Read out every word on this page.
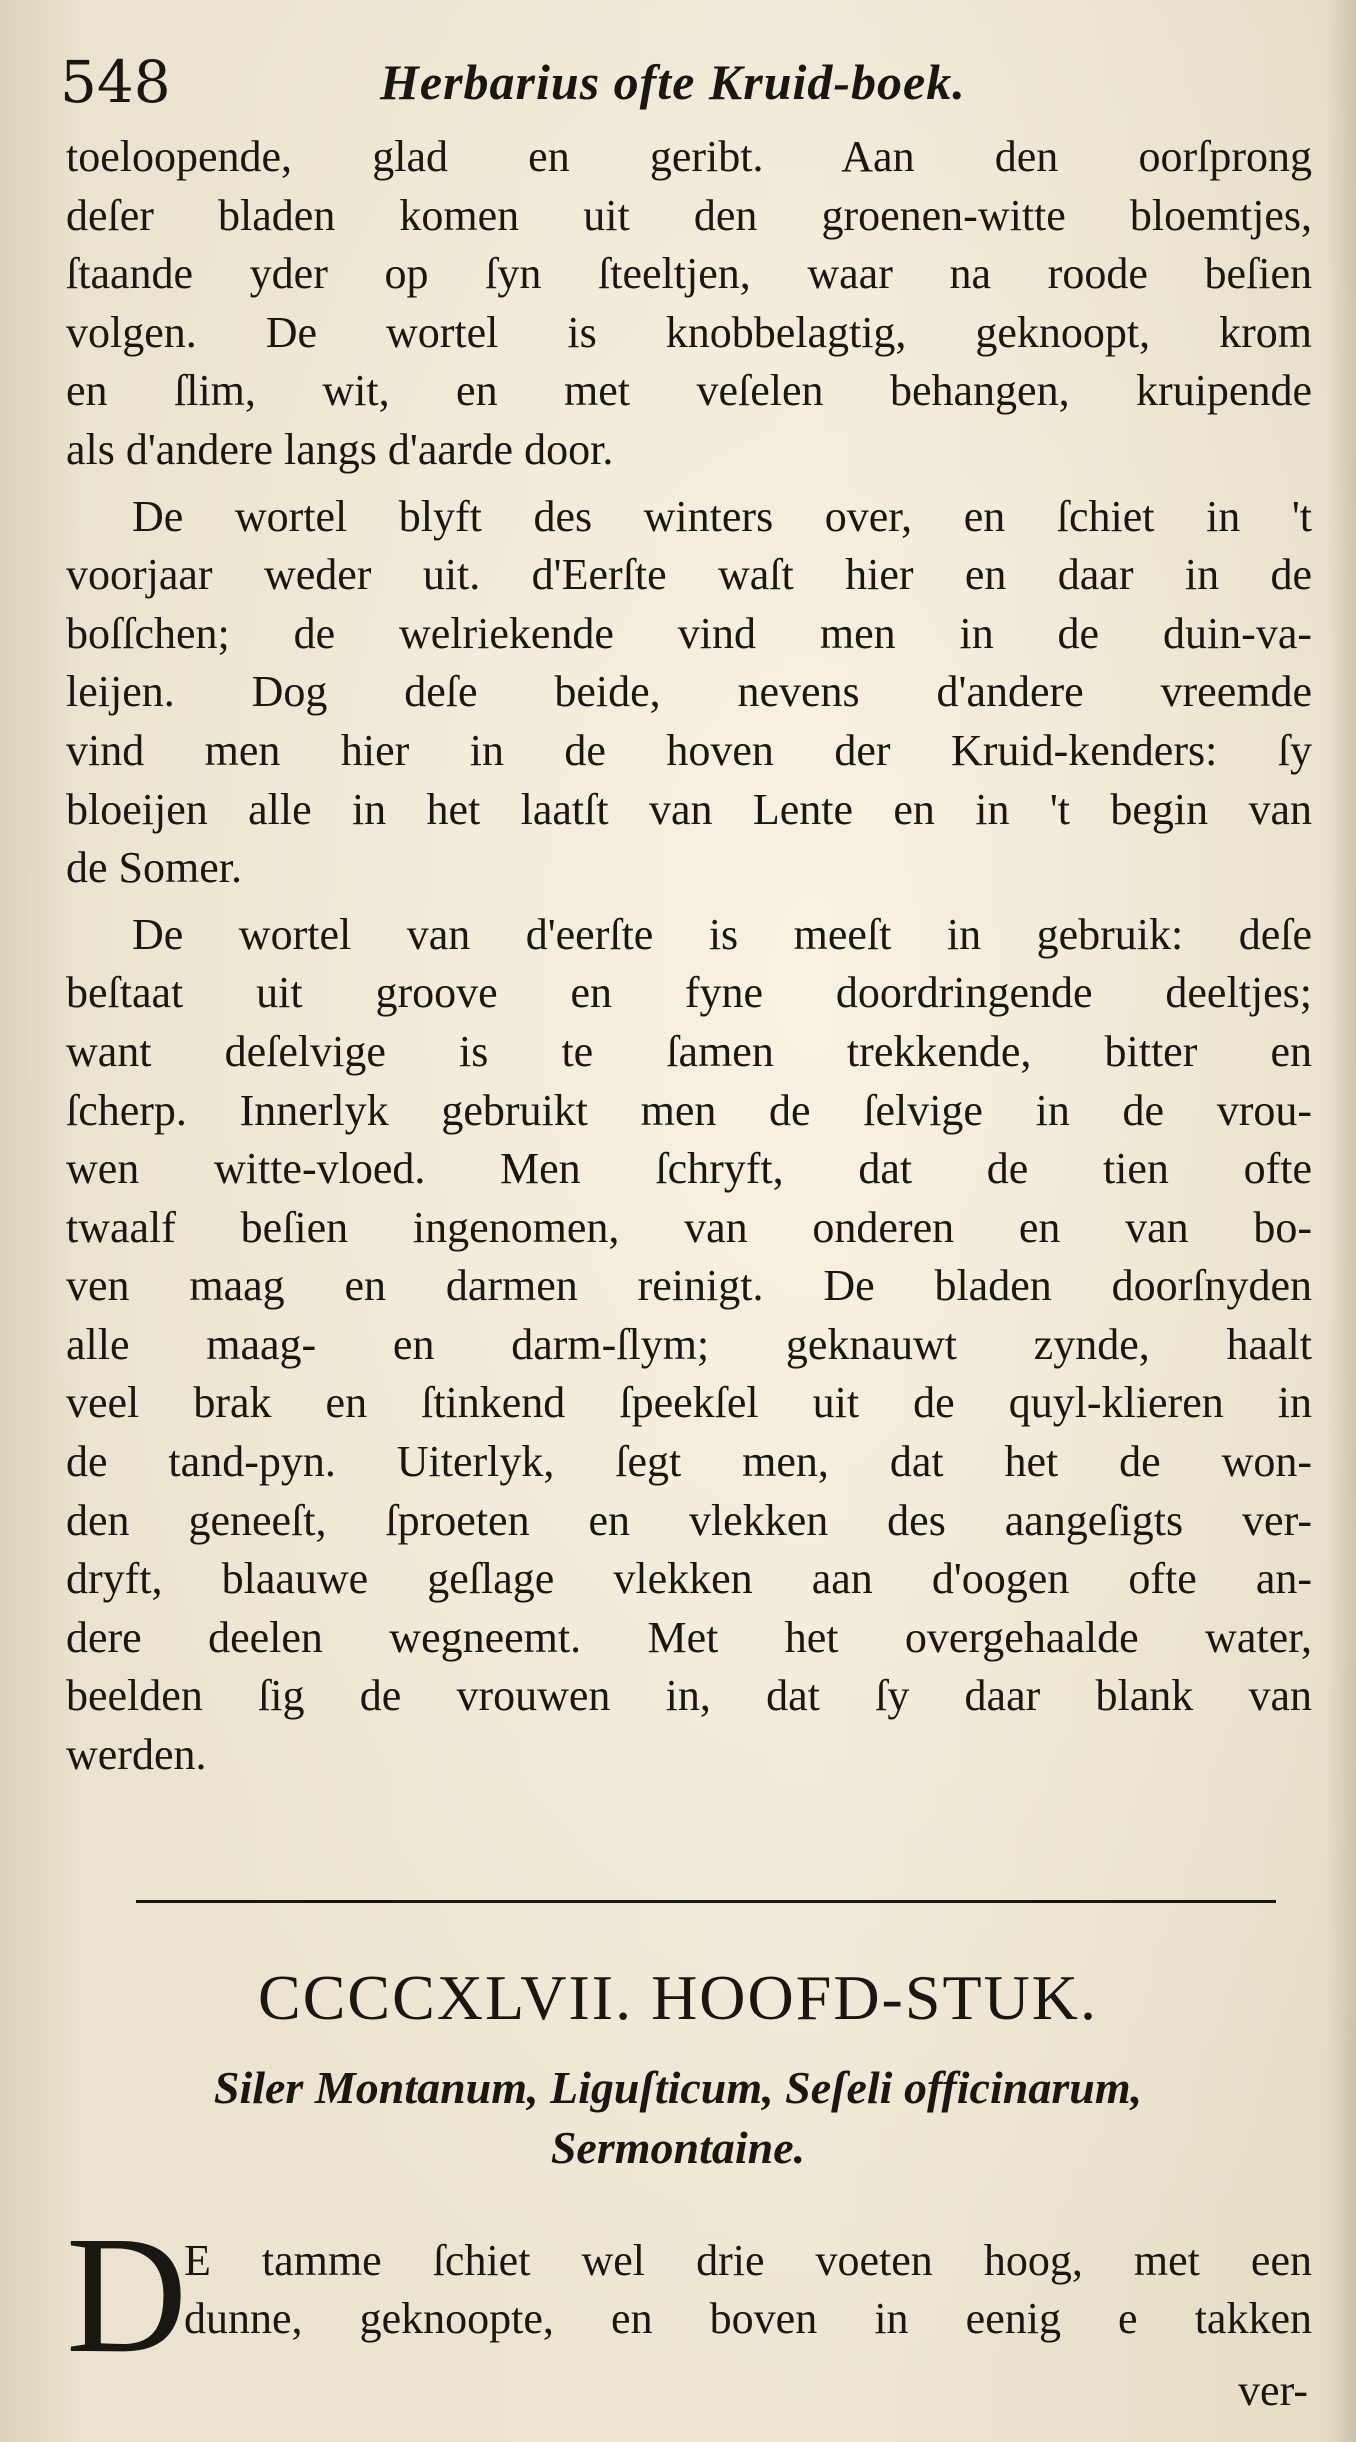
548	Herbarius ofte Kruid-boek.
toeloopende, glad en geribt. Aan den oorſprong
deſer bladen komen uit den groenen-witte bloemtjes,
ſtaande yder op ſyn ſteeltjen, waar na roode beſien
volgen. De wortel is knobbelagtig, geknoopt, krom
en ſlim, wit, en met veſelen behangen, kruipende
als d'andere langs d'aarde door.
De wortel blyft des winters over, en ſchiet in 't
voorjaar weder uit. d'Eerſte waſt hier en daar in de
boſſchen; de welriekende vind men in de duin-va-
leijen. Dog deſe beide, nevens d'andere vreemde
vind men hier in de hoven der Kruid-kenders: ſy
bloeijen alle in het laatſt van Lente en in 't begin van
de Somer.
De wortel van d'eerſte is meeſt in gebruik: deſe
beſtaat uit groove en fyne doordringende deeltjes;
want deſelvige is te ſamen trekkende, bitter en
ſcherp. Innerlyk gebruikt men de ſelvige in de vrou-
wen witte-vloed. Men ſchryft, dat de tien ofte
twaalf beſien ingenomen, van onderen en van bo-
ven maag en darmen reinigt. De bladen doorſnyden
alle maag- en darm-ſlym; geknauwt zynde, haalt
veel brak en ſtinkend ſpeekſel uit de quyl-klieren in
de tand-pyn. Uiterlyk, ſegt men, dat het de won-
den geneeſt, ſproeten en vlekken des aangeſigts ver-
dryft, blaauwe geſlage vlekken aan d'oogen ofte an-
dere deelen wegneemt. Met het overgehaalde water,
beelden ſig de vrouwen in, dat ſy daar blank van
werden.
CCCCXLVII. HOOFD-STUK.
Siler Montanum, Liguſticum, Seſeli officinarum,
Sermontaine.
D
E tamme ſchiet wel drie voeten hoog, met een
dunne, geknoopte, en boven in eenig e takken
ver-
